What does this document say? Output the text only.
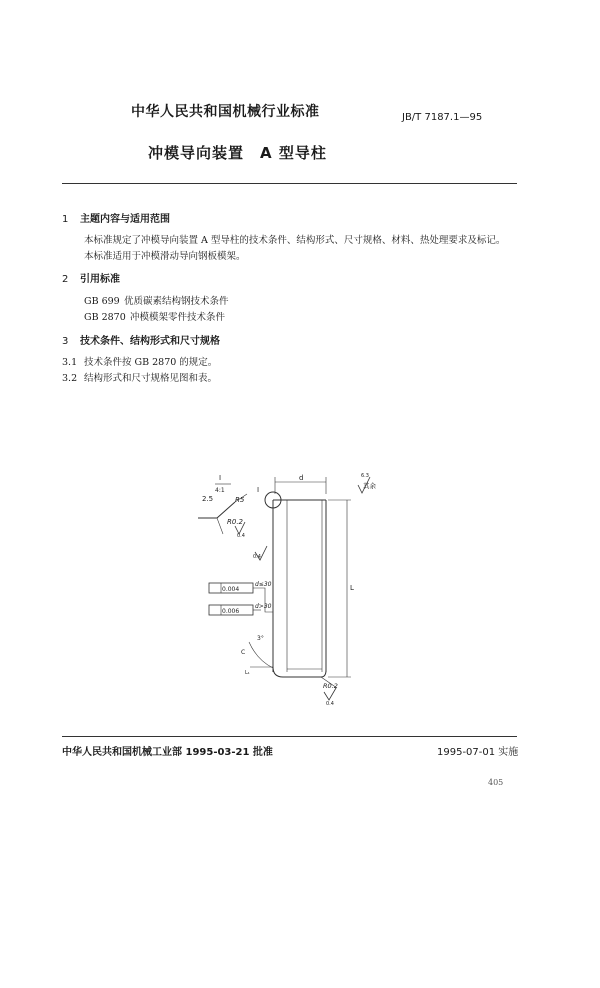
中华人民共和国机械行业标准	JB/T 7187.1—95
冲模导向装置　A 型导柱
1 主题内容与适用范围
本标准规定了冲模导向装置 A 型导柱的技术条件、结构形式、尺寸规格、材料、热处理要求及标记。
本标准适用于冲模滑动导向钢板模架。
2 引用标准
GB 699 优质碳素结构钢技术条件
GB 2870 冲模模架零件技术条件
3 技术条件、结构形式和尺寸规格
3.1 技术条件按 GB 2870 的规定。
3.2 结构形式和尺寸规格见图和表。
I
I
4:1
d
L
2.5	R5
R0.2
0.4
其余
6.3
0.4
0.004
d≤30
0.006
d>30
3°
C
L₁
R0.2
0.4
中华人民共和国机械工业部 1995-03-21 批准	1995-07-01 实施
405
